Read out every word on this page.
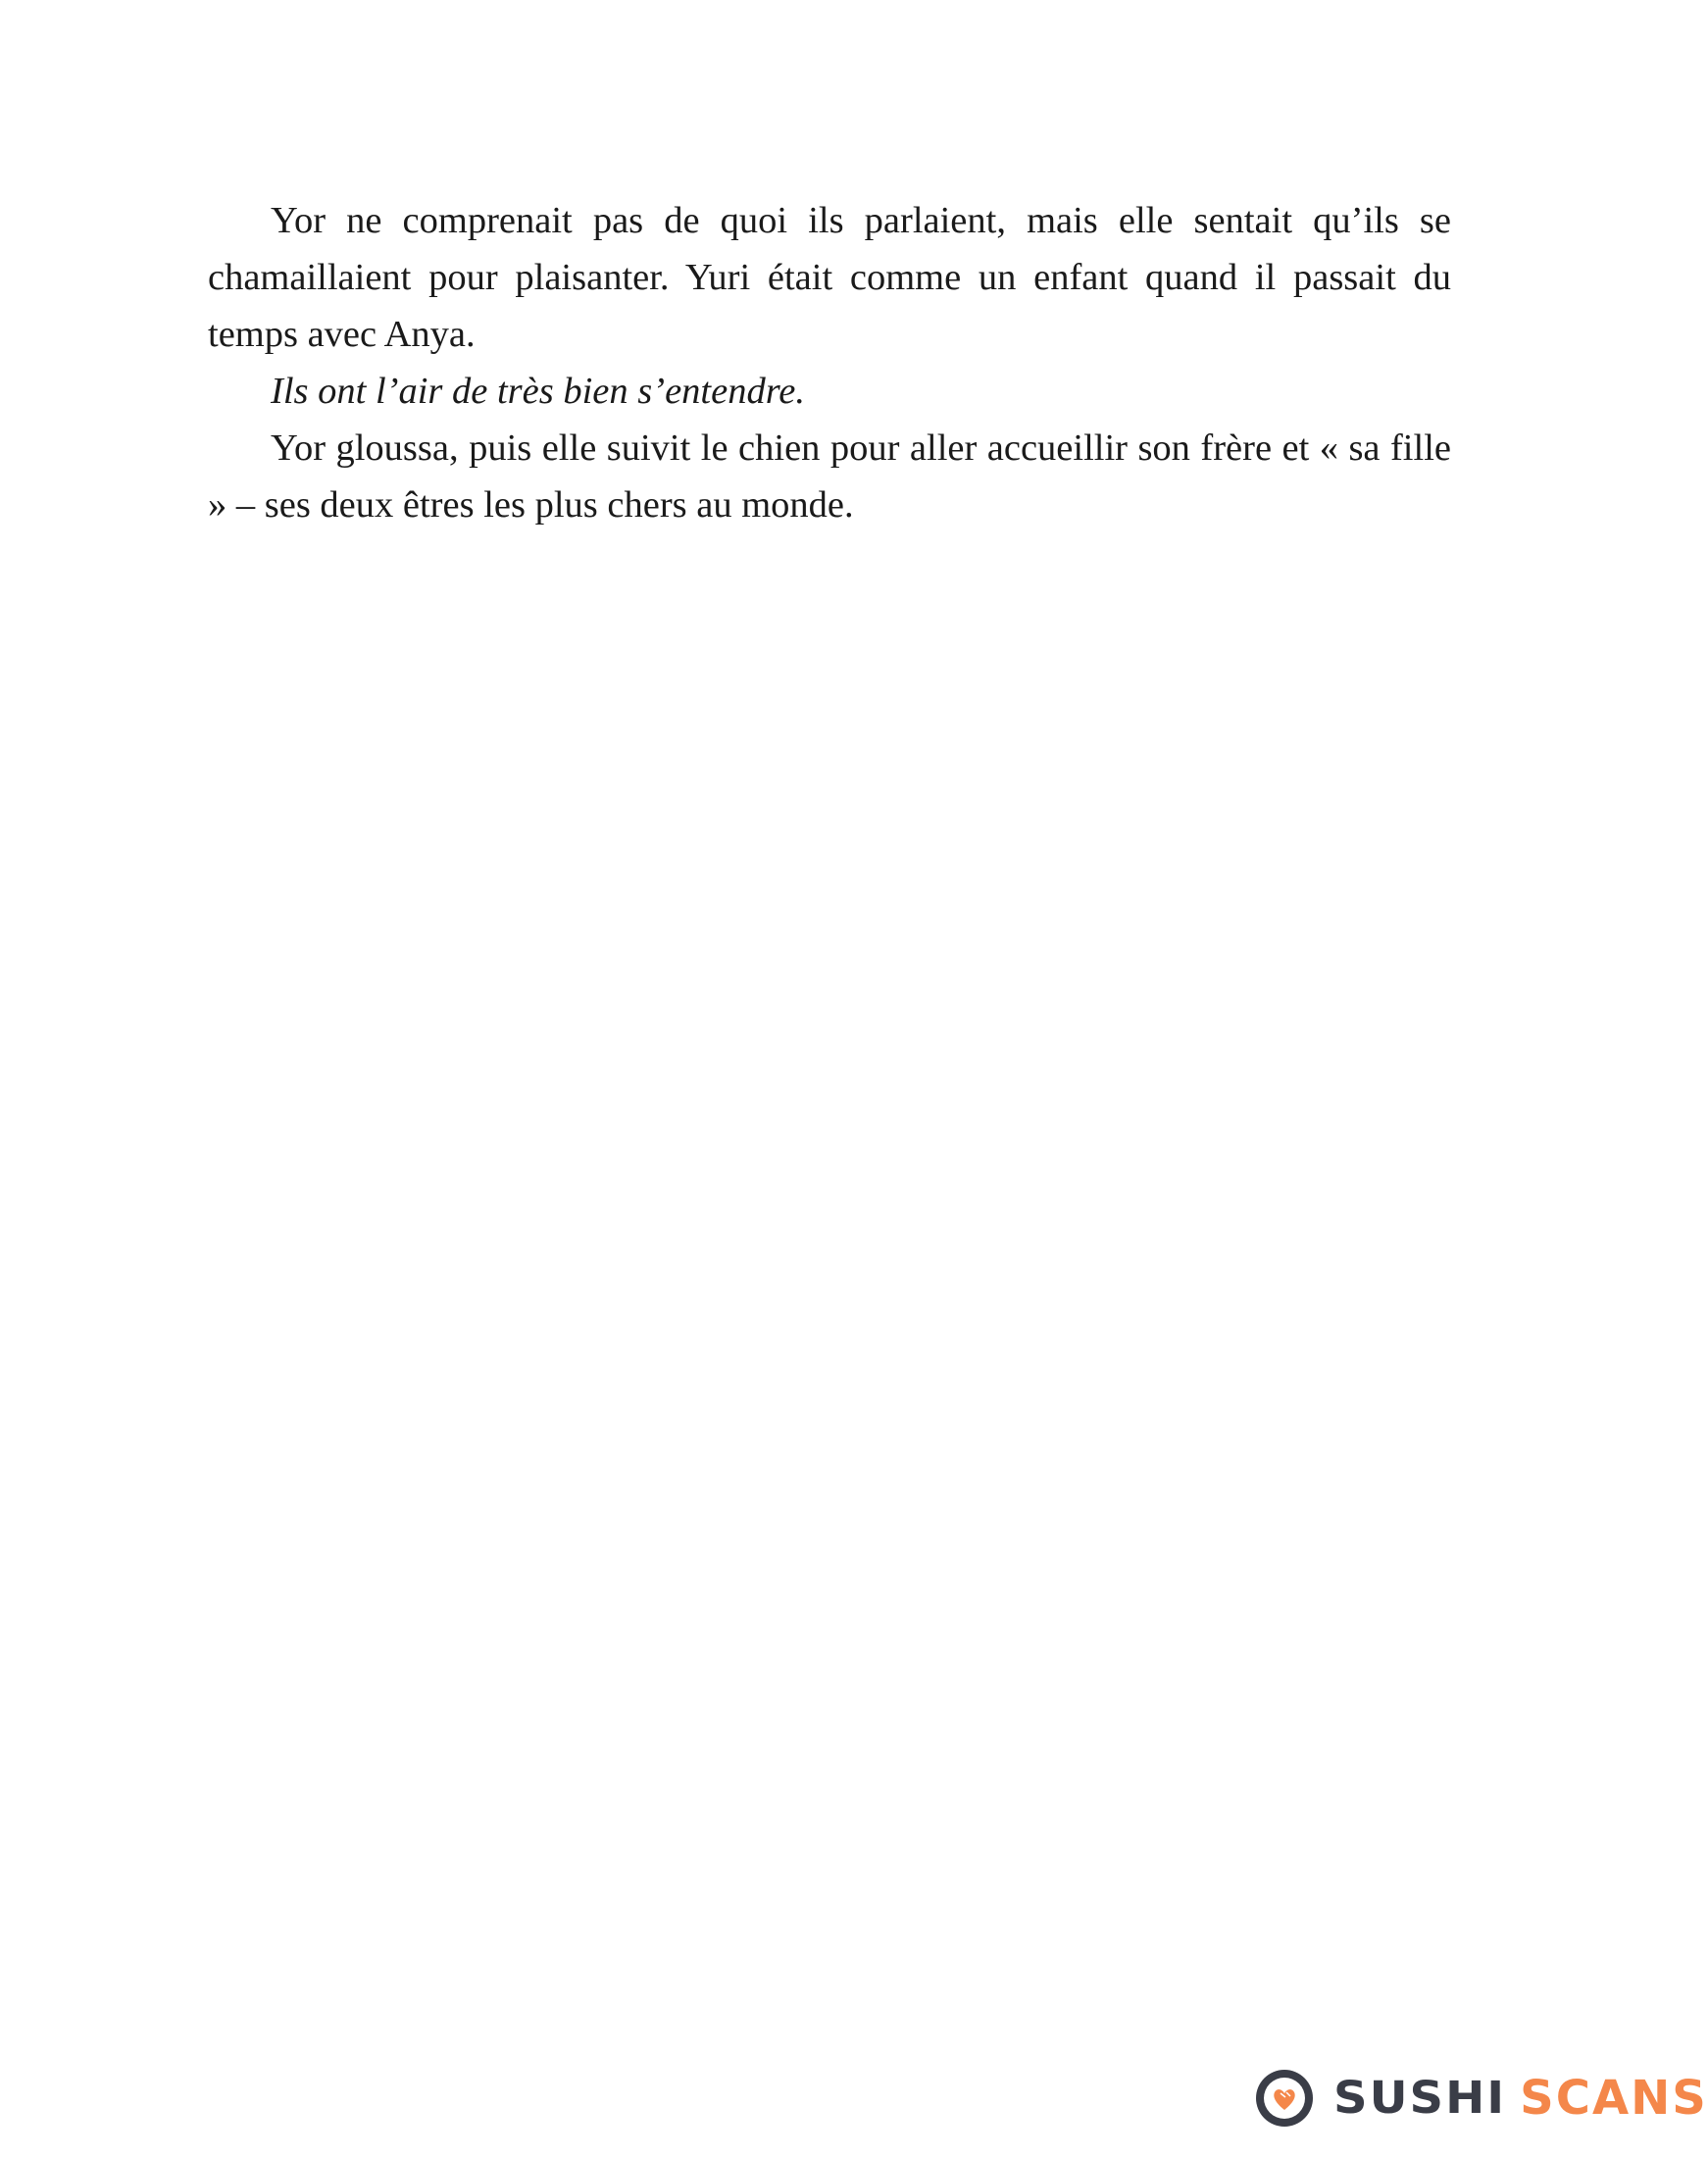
Yor ne comprenait pas de quoi ils parlaient, mais elle sentait qu’ils se chamaillaient pour plaisanter. Yuri était comme un enfant quand il passait du temps avec Anya.

Ils ont l’air de très bien s’entendre.

Yor gloussa, puis elle suivit le chien pour aller accueillir son frère et « sa fille » – ses deux êtres les plus chers au monde.

SUSHI SCANS
